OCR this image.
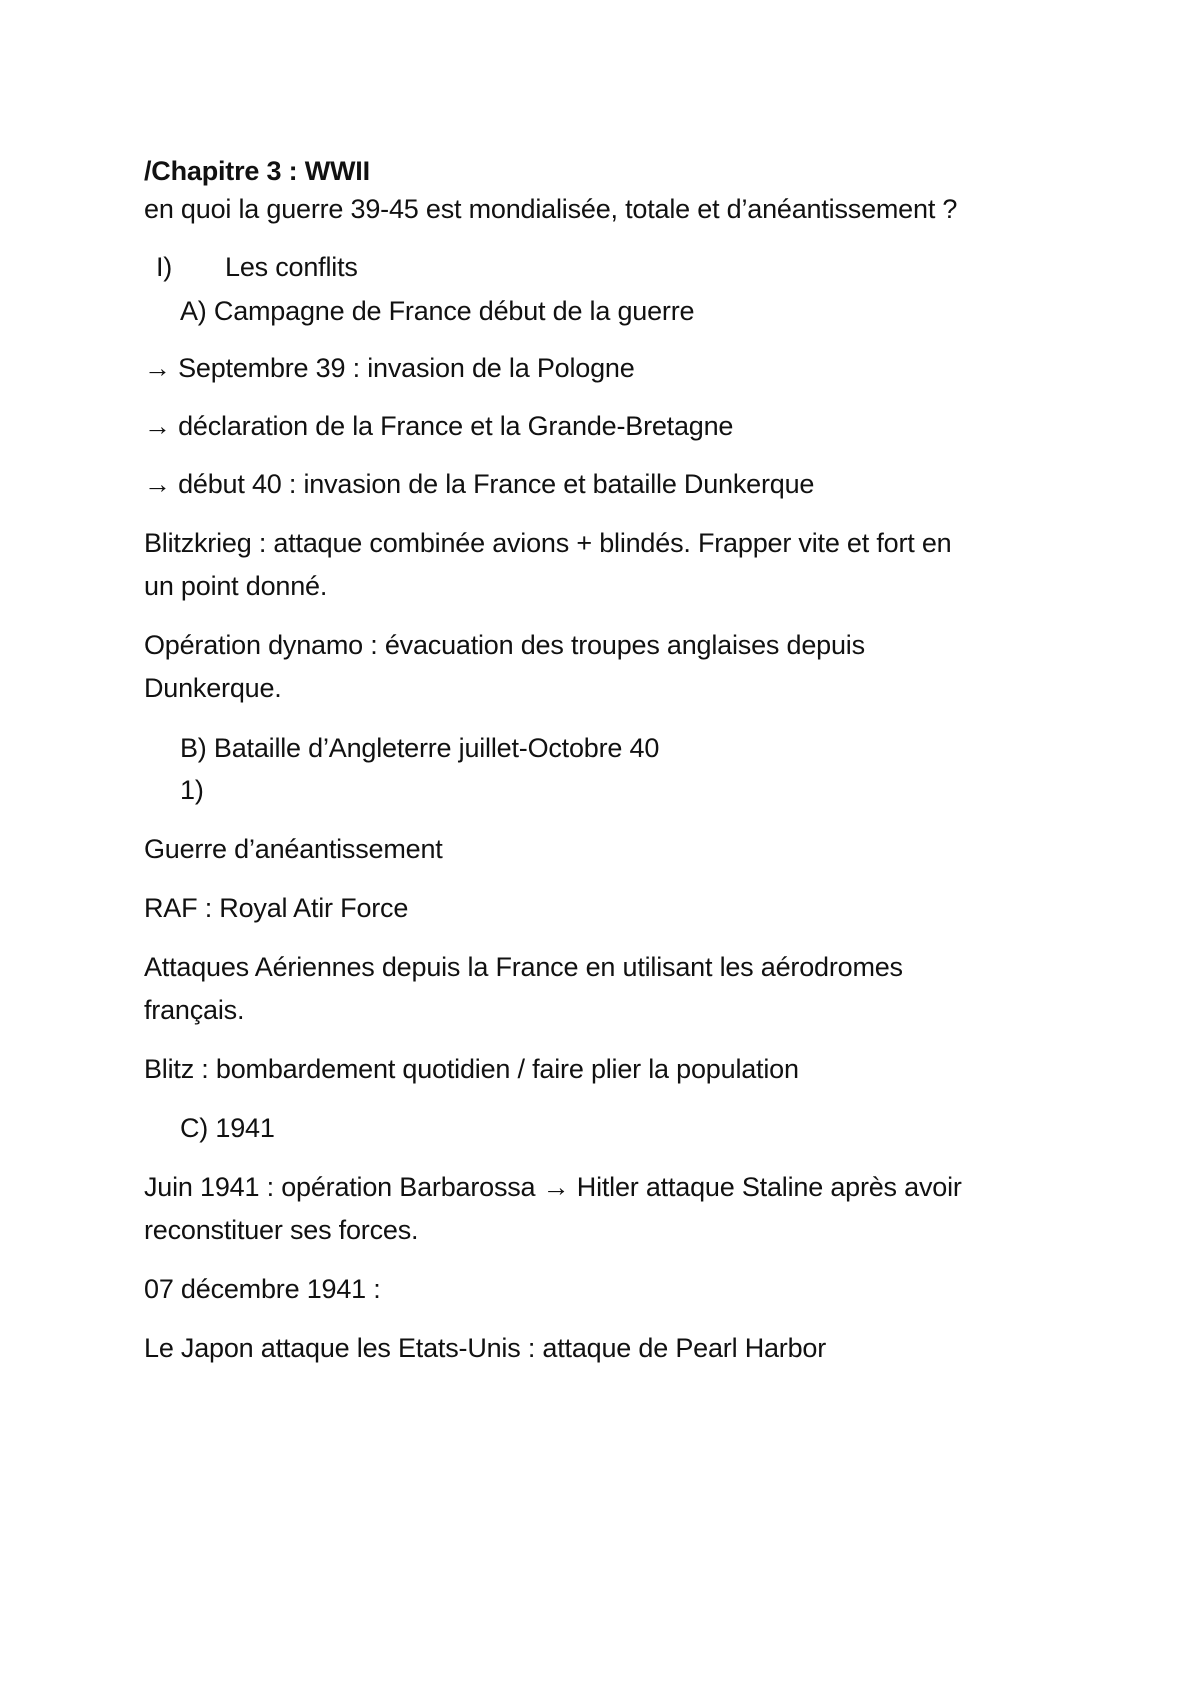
/Chapitre 3 : WWII
en quoi la guerre 39-45 est mondialisée, totale et d’anéantissement ?
I) Les conflits
A) Campagne de France début de la guerre
→ Septembre 39 : invasion de la Pologne
→ déclaration de la France et la Grande-Bretagne
→ début 40 : invasion de la France et bataille Dunkerque
Blitzkrieg : attaque combinée avions + blindés. Frapper vite et fort en
un point donné.
Opération dynamo : évacuation des troupes anglaises depuis
Dunkerque.
B) Bataille d’Angleterre juillet-Octobre 40
1)
Guerre d’anéantissement
RAF : Royal Atir Force
Attaques Aériennes depuis la France en utilisant les aérodromes
français.
Blitz : bombardement quotidien / faire plier la population
C) 1941
Juin 1941 : opération Barbarossa → Hitler attaque Staline après avoir
reconstituer ses forces.
07 décembre 1941 :
Le Japon attaque les Etats-Unis : attaque de Pearl Harbor
